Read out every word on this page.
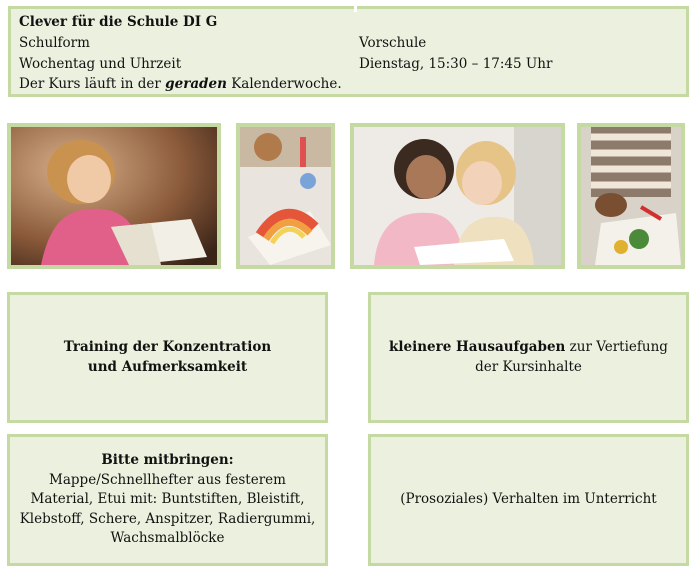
Clever für die Schule DI G
Schulform	Vorschule
Wochentag und Uhrzeit	Dienstag, 15:30 – 17:45 Uhr
Der Kurs läuft in der geraden Kalenderwoche.
Training der Konzentration
und Aufmerksamkeit
kleinere Hausaufgaben zur Vertiefung der Kursinhalte
Bitte mitbringen:
Mappe/Schnellhefter aus festerem Material, Etui mit: Buntstiften, Bleistift, Klebstoff, Schere, Anspitzer, Radiergummi, Wachsmalblöcke
(Prosoziales) Verhalten im Unterricht
